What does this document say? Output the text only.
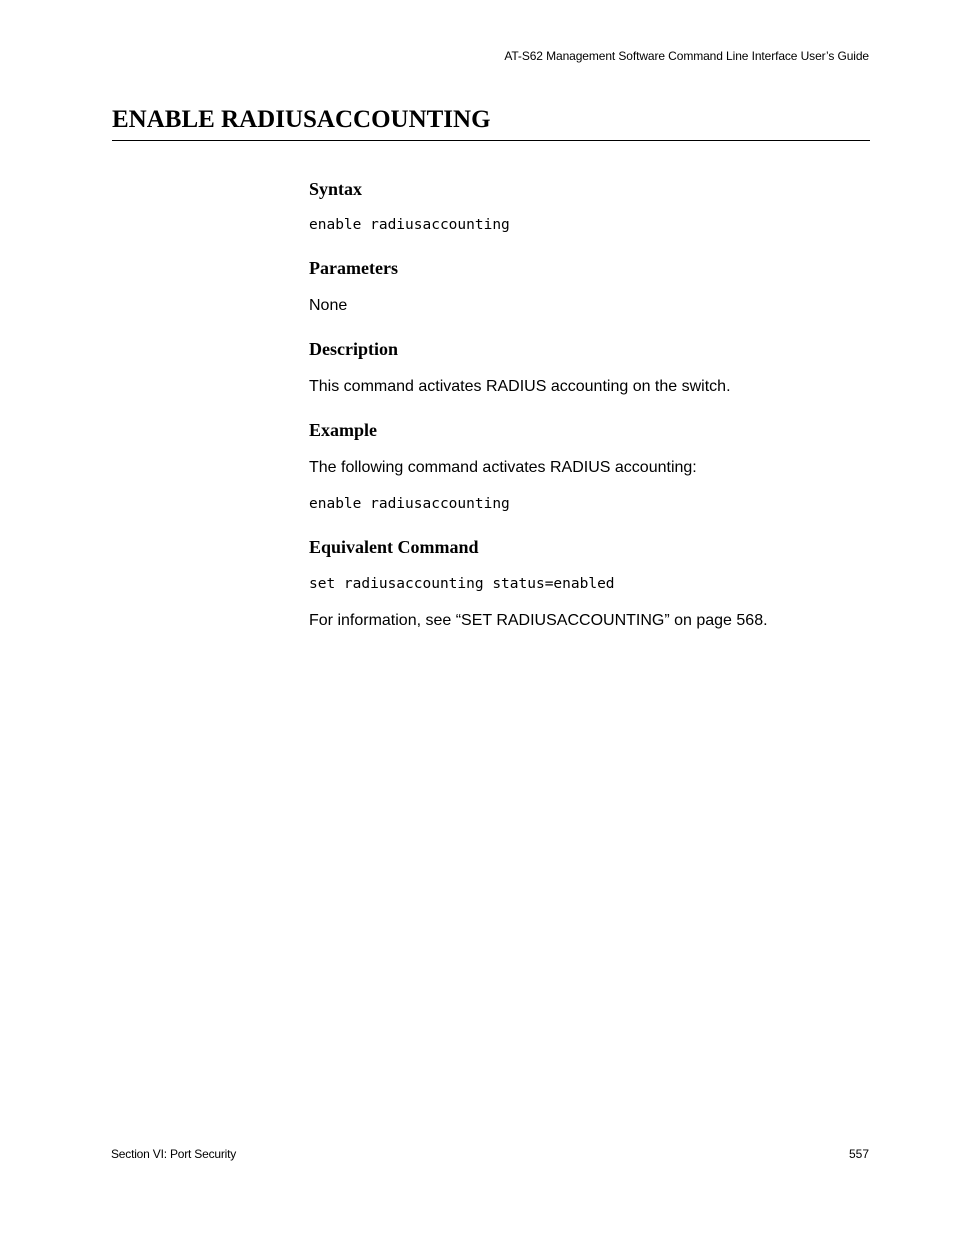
AT-S62 Management Software Command Line Interface User’s Guide
ENABLE RADIUSACCOUNTING
Syntax
enable radiusaccounting
Parameters

None

Description

This command activates RADIUS accounting on the switch.

Example

The following command activates RADIUS accounting:

enable radiusaccounting
Equivalent Command
set radiusaccounting status=enabled

For information, see “SET RADIUSACCOUNTING” on page 568.

Section VI: Port Security	557
